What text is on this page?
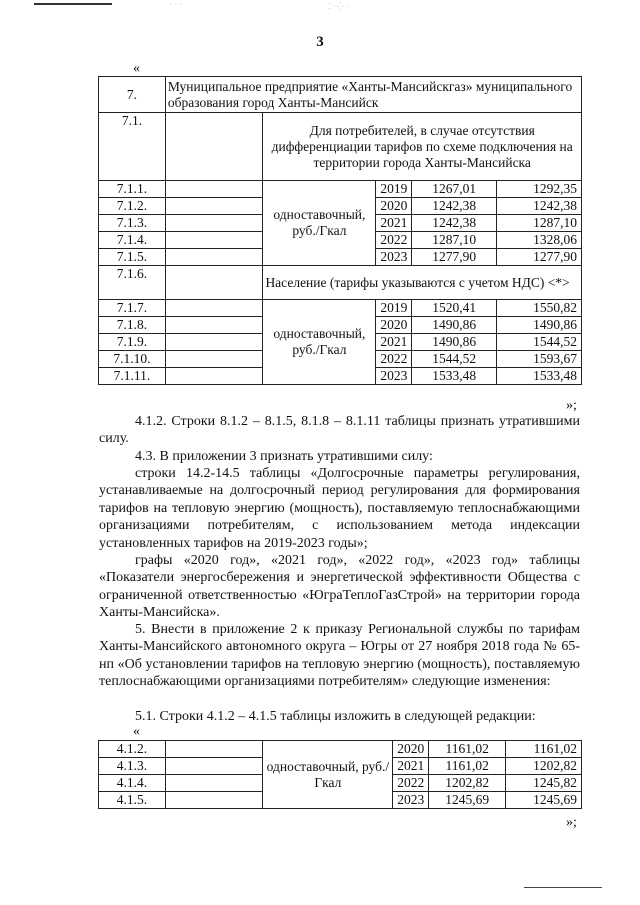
· ‧ ·	⁚ · ⁛ ·
3
«
7.	Муниципальное предприятие «Ханты-Мансийскгаз» муниципального образования город Ханты-Мансийск				
7.1.		Для потребителей, в случае отсутствия дифференциации тарифов по схеме подключения на территории города Ханты-Мансийска			
7.1.1.		одноставочный, руб./Гкал	2019	1267,01	1292,35
7.1.2.			2020	1242,38	1242,38
7.1.3.			2021	1242,38	1287,10
7.1.4.			2022	1287,10	1328,06
7.1.5.			2023	1277,90	1277,90
7.1.6.		Население (тарифы указываются с учетом НДС) <*>			
7.1.7.		одноставочный, руб./Гкал	2019	1520,41	1550,82
7.1.8.			2020	1490,86	1490,86
7.1.9.			2021	1490,86	1544,52
7.1.10.			2022	1544,52	1593,67
7.1.11.			2023	1533,48	1533,48
»;
4.1.2. Строки 8.1.2 – 8.1.5, 8.1.8 – 8.1.11 таблицы признать утратившими силу.
4.3. В приложении 3 признать утратившими силу:
строки 14.2-14.5 таблицы «Долгосрочные параметры регулирования, устанавливаемые на долгосрочный период регулирования для формирования тарифов на тепловую энергию (мощность), поставляемую теплоснабжающими организациями потребителям, с использованием метода индексации установленных тарифов на 2019-2023 годы»;
графы «2020 год», «2021 год», «2022 год», «2023 год» таблицы «Показатели энергосбережения и энергетической эффективности Общества с ограниченной ответственностью «ЮграТеплоГазСтрой» на территории города Ханты-Мансийска».
5. Внести в приложение 2 к приказу Региональной службы по тарифам Ханты-Мансийского автономного округа – Югры от 27 ноября 2018 года № 65-нп «Об установлении тарифов на тепловую энергию (мощность), поставляемую теплоснабжающими организациями потребителям» следующие изменения:
5.1. Строки 4.1.2 – 4.1.5 таблицы изложить в следующей редакции:
«
4.1.2.		одноставочный, руб./Гкал	2020	1161,02	1161,02
4.1.3.			2021	1161,02	1202,82
4.1.4.			2022	1202,82	1245,82
4.1.5.			2023	1245,69	1245,69
»;
